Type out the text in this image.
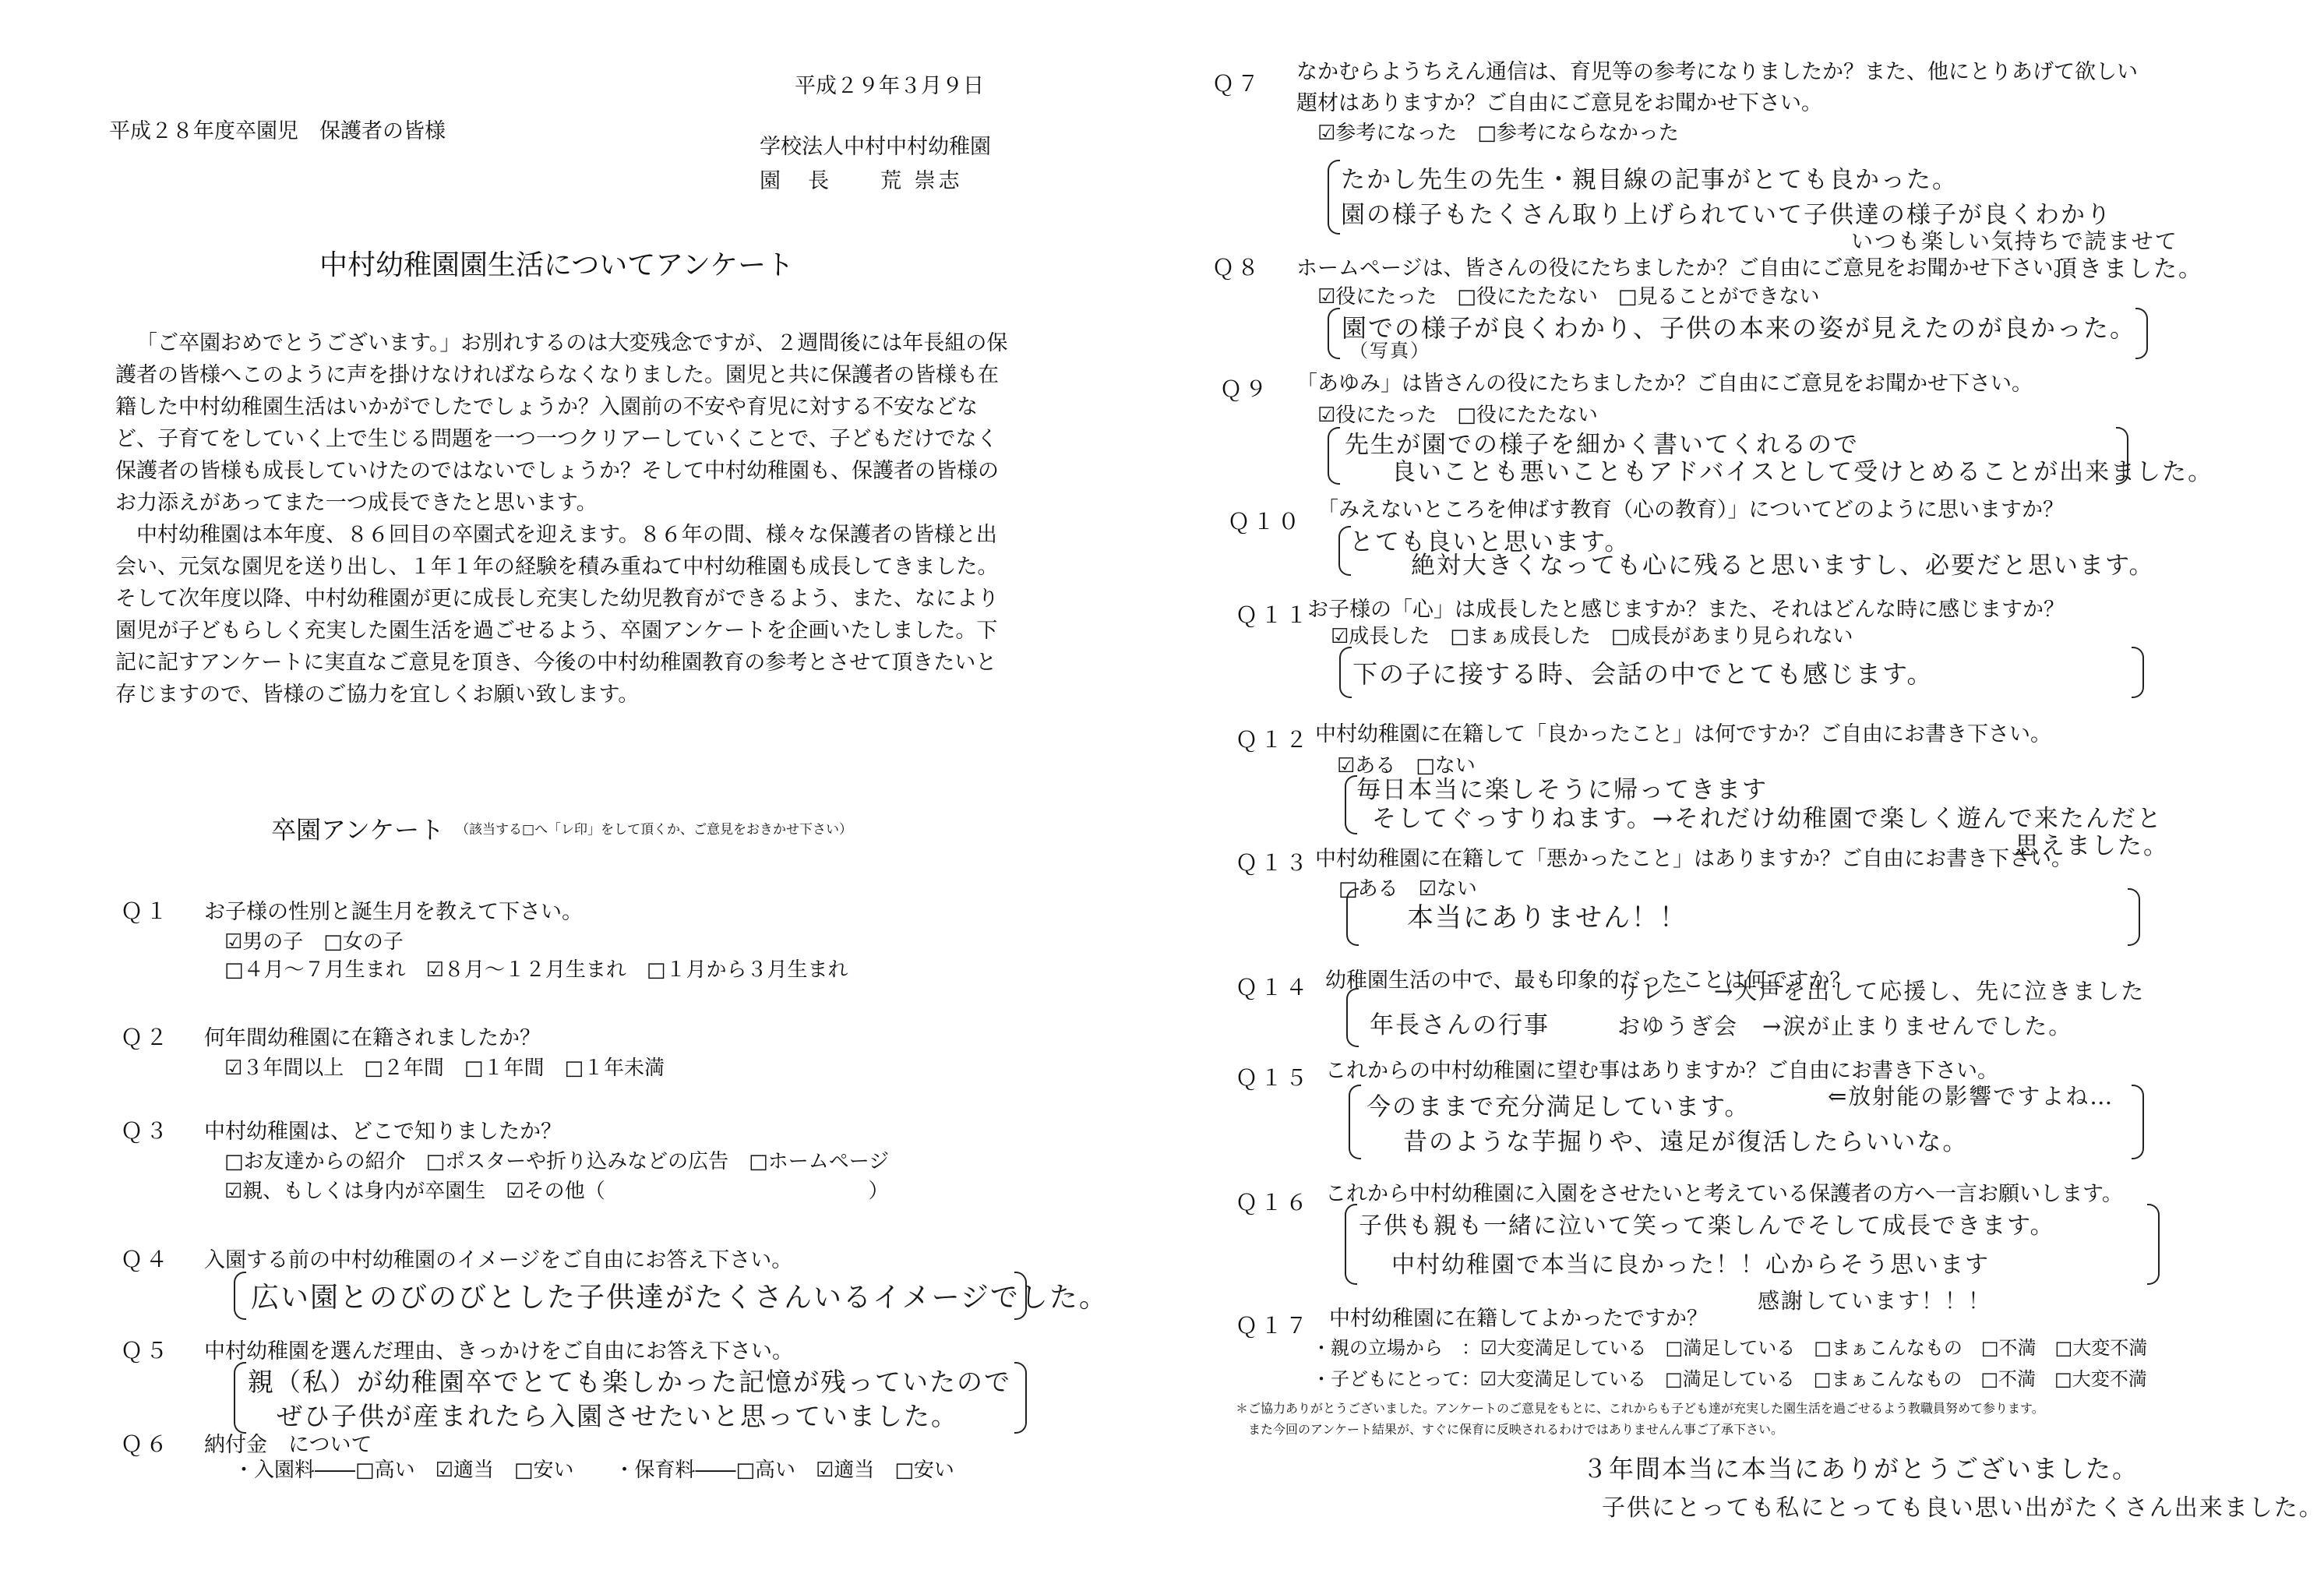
平成２９年３月９日
平成２８年度卒園児　保護者の皆様
学校法人中村中村幼稚園
園　長　　荒 崇志
中村幼稚園園生活についてアンケート
「ご卒園おめでとうございます。」お別れするのは大変残念ですが、２週間後には年長組の保護者の皆様へこのように声を掛けなければならなくなりました。園児と共に保護者の皆様も在籍した中村幼稚園生活はいかがでしたでしょうか？入園前の不安や育児に対する不安などなど、子育てをしていく上で生じる問題を一つ一つクリアーしていくことで、子どもだけでなく保護者の皆様も成長していけたのではないでしょうか？そして中村幼稚園も、保護者の皆様のお力添えがあってまた一つ成長できたと思います。
中村幼稚園は本年度、８６回目の卒園式を迎えます。８６年の間、様々な保護者の皆様と出会い、元気な園児を送り出し、１年１年の経験を積み重ねて中村幼稚園も成長してきました。そして次年度以降、中村幼稚園が更に成長し充実した幼児教育ができるよう、また、なにより園児が子どもらしく充実した園生活を過ごせるよう、卒園アンケートを企画いたしました。下記に記すアンケートに実直なご意見を頂き、今後の中村幼稚園教育の参考とさせて頂きたいと存じますので、皆様のご協力を宜しくお願い致します。
卒園アンケート （該当する□へ「レ印」をして頂くか、ご意見をおきかせ下さい）
Ｑ１ お子様の性別と誕生月を教えて下さい。
☑男の子　□女の子
□４月～７月生まれ　☑８月～１２月生まれ　□１月から３月生まれ
Ｑ２ 何年間幼稚園に在籍されましたか？
☑３年間以上　□２年間　□１年間　□１年未満
Ｑ３ 中村幼稚園は、どこで知りましたか？
□お友達からの紹介　□ポスターや折り込みなどの広告　□ホームページ
☑親、もしくは身内が卒園生　☑その他（　　　　　　　　　　　　　）
Ｑ４ 入園する前の中村幼稚園のイメージをご自由にお答え下さい。
広い園とのびのびとした子供達がたくさんいるイメージでした。
Ｑ５ 中村幼稚園を選んだ理由、きっかけをご自由にお答え下さい。
親（私）が幼稚園卒でとても楽しかった記憶が残っていたので
ぜひ子供が産まれたら入園させたいと思っていました。
Ｑ６ 納付金　について
・入園料――□高い　☑適当　□安い　　・保育料――□高い　☑適当　□安い
Ｑ７ なかむらようちえん通信は、育児等の参考になりましたか？また、他にとりあげて欲しい
題材はありますか？ご自由にご意見をお聞かせ下さい。
☑参考になった　□参考にならなかった
たかし先生の先生・親目線の記事がとても良かった。
園の様子もたくさん取り上げられていて子供達の様子が良くわかり
いつも楽しい気持ちで読ませて
頂きました。
Ｑ８ ホームページは、皆さんの役にたちましたか？ご自由にご意見をお聞かせ下さい。
☑役にたった　□役にたたない　□見ることができない
園での様子が良くわかり、子供の本来の姿が見えたのが良かった。
（写真）
Ｑ９ 「あゆみ」は皆さんの役にたちましたか？ご自由にご意見をお聞かせ下さい。
☑役にたった　□役にたたない
先生が園での様子を細かく書いてくれるので
良いことも悪いこともアドバイスとして受けとめることが出来ました。
Ｑ１０ 「みえないところを伸ばす教育（心の教育）」についてどのように思いますか？
とても良いと思います。
絶対大きくなっても心に残ると思いますし、必要だと思います。
Ｑ１１
お子様の「心」は成長したと感じますか？また、それはどんな時に感じますか？
☑成長した　□まぁ成長した　□成長があまり見られない
下の子に接する時、会話の中でとても感じます。
Ｑ１２ 中村幼稚園に在籍して「良かったこと」は何ですか？ご自由にお書き下さい。
☑ある　□ない
毎日本当に楽しそうに帰ってきます
そしてぐっすりねます。→それだけ幼稚園で楽しく遊んで来たんだと
思えました。
Ｑ１３ 中村幼稚園に在籍して「悪かったこと」はありますか？ご自由にお書き下さい。
□ある　☑ない
本当にありません！！
Ｑ１４ 幼稚園生活の中で、最も印象的だったことは何ですか？
年長さんの行事
リレー　→大声を出して応援し、先に泣きました
おゆうぎ会　→涙が止まりませんでした。
Ｑ１５ これからの中村幼稚園に望む事はありますか？ご自由にお書き下さい。
今のままで充分満足しています。	⇐放射能の影響ですよね…
昔のような芋掘りや、遠足が復活したらいいな。
Ｑ１６ これから中村幼稚園に入園をさせたいと考えている保護者の方へ一言お願いします。
子供も親も一緒に泣いて笑って楽しんでそして成長できます。
中村幼稚園で本当に良かった！！心からそう思います
感謝しています！！！
Ｑ１７ 中村幼稚園に在籍してよかったですか？
・親の立場から　：☑大変満足している　□満足している　□まぁこんなもの　□不満　□大変不満
・子どもにとって：☑大変満足している　□満足している　□まぁこんなもの　□不満　□大変不満
＊ご協力ありがとうございました。アンケートのご意見をもとに、これからも子ども達が充実した園生活を過ごせるよう教職員努めて参ります。
　また今回のアンケート結果が、すぐに保育に反映されるわけではありませんん事ご了承下さい。
３年間本当に本当にありがとうございました。
子供にとっても私にとっても良い思い出がたくさん出来ました。
